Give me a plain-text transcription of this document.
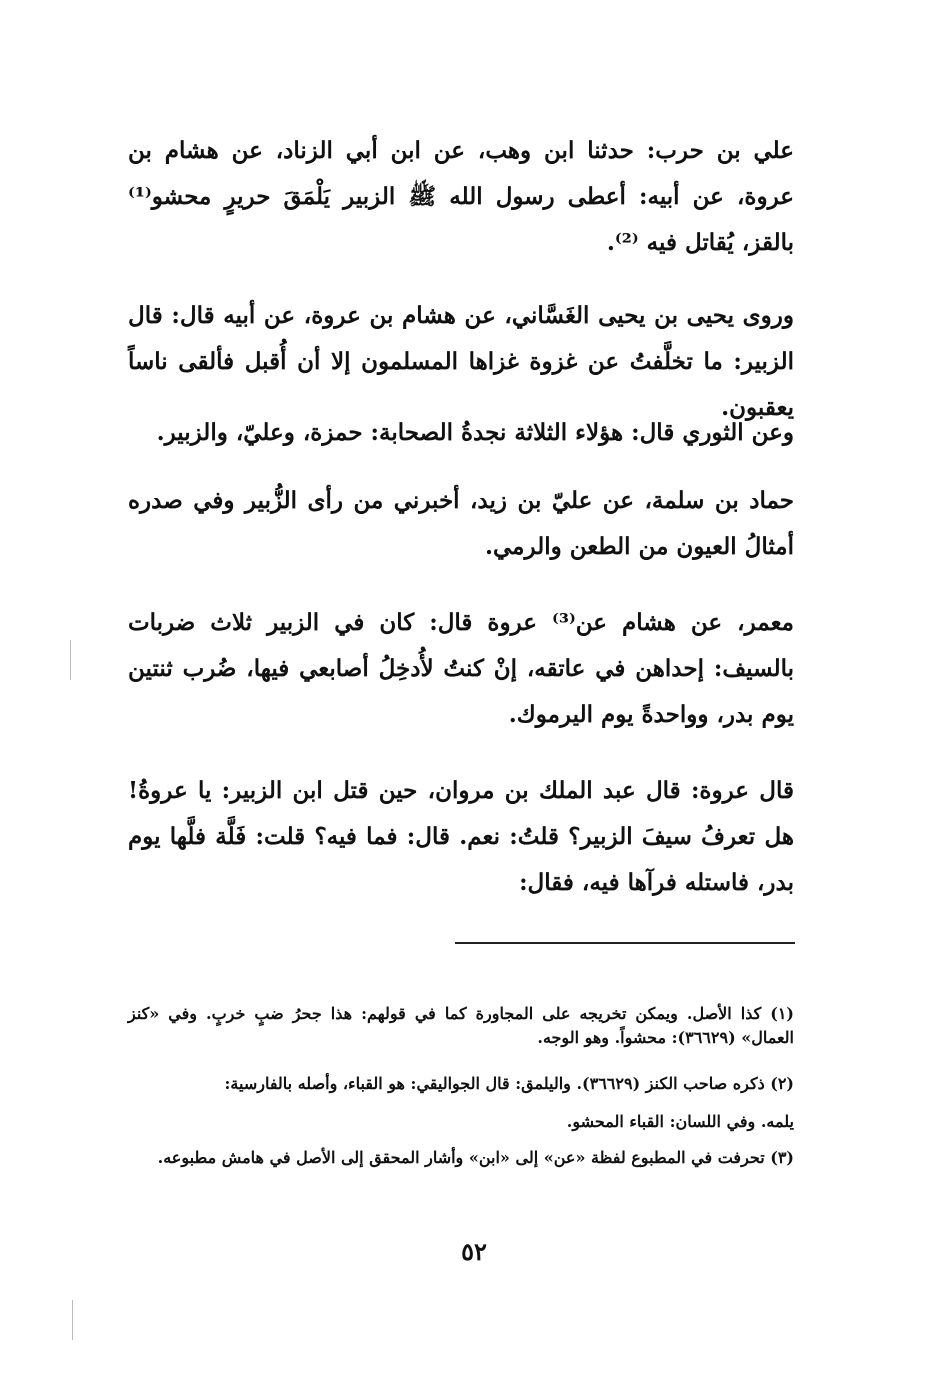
علي بن حرب: حدثنا ابن وهب، عن ابن أبي الزناد، عن هشام بن عروة، عن أبيه: أعطى رسول الله ﷺ الزبير يَلْمَقَ حريرٍ محشو⁽¹⁾ بالقز، يُقاتل فيه ⁽²⁾.

وروى يحيى بن يحيى الغَسَّاني، عن هشام بن عروة، عن أبيه قال: قال الزبير: ما تخلَّفتُ عن غزوة غزاها المسلمون إلا أن أُقبل فألقى ناساً يعقبون.

وعن الثوري قال: هؤلاء الثلاثة نجدةُ الصحابة: حمزة، وعليّ، والزبير.

حماد بن سلمة، عن عليّ بن زيد، أخبرني من رأى الزُّبير وفي صدره أمثالُ العيون من الطعن والرمي.

معمر، عن هشام عن⁽³⁾ عروة قال: كان في الزبير ثلاث ضربات بالسيف: إحداهن في عاتقه، إنْ كنتُ لأُدخِلُ أصابعي فيها، ضُرب ثنتين يوم بدر، وواحدةً يوم اليرموك.

قال عروة: قال عبد الملك بن مروان، حين قتل ابن الزبير: يا عروةُ! هل تعرفُ سيفَ الزبير؟ قلتُ: نعم. قال: فما فيه؟ قلت: فَلَّة فلَّها يوم بدر، فاستله فرآها فيه، فقال:

(١) كذا الأصل. ويمكن تخريجه على المجاورة كما في قولهم: هذا جحرُ ضبٍ خربٍ. وفي «كنز العمال» (٣٦٦٢٩): محشواً. وهو الوجه.
(٢) ذكره صاحب الكنز (٣٦٦٢٩). واليلمق: قال الجواليقي: هو القباء، وأصله بالفارسية:
يلمه. وفي اللسان: القباء المحشو.
(٣) تحرفت في المطبوع لفظة «عن» إلى «ابن» وأشار المحقق إلى الأصل في هامش مطبوعه.
٥٢
